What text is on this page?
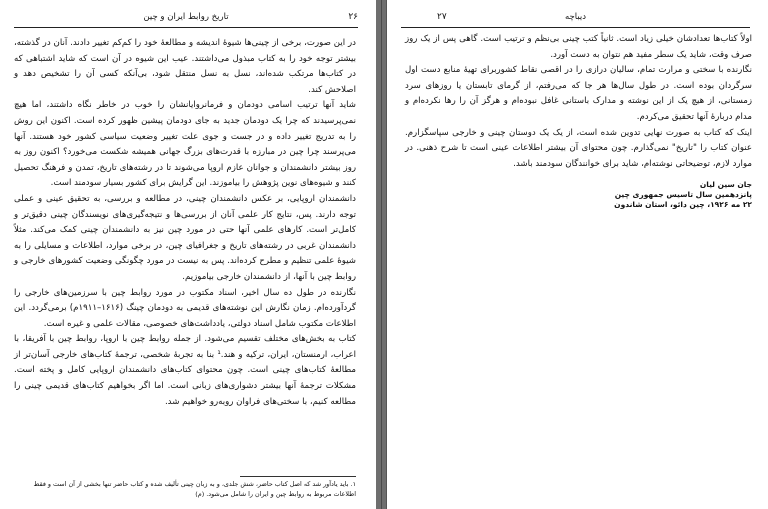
۲۶
تاریخ روابط ایران و چین

در این صورت، برخی از چینی‌ها شیوهٔ اندیشه و مطالعهٔ خود را کم‌کم تغییر دادند. آنان در گذشته، بیشتر توجه خود را به کتاب مبذول می‌داشتند. عیب این شیوه در آن است که شاید اشتباهی که در کتاب‌ها مرتکب شده‌اند، نسل به نسل منتقل شود، بی‌آنکه کسی آن را تشخیص دهد و اصلاحش کند.

شاید آنها ترتیب اسامی دودمان و فرمانروایانشان را خوب در خاطر نگاه داشتند، اما هیچ نمی‌پرسیدند که چرا یک دودمان جدید به جای دودمان پیشین ظهور کرده است. اکنون این روش را به تدریج تغییر داده و در جست و جوی علت تغییر وضعیت سیاسی کشور خود هستند. آنها می‌پرسند چرا چین در مبارزه با قدرت‌های بزرگ جهانی همیشه شکست می‌خورد؟ اکنون روز به روز بیشتر دانشمندان و جوانان عازم اروپا می‌شوند تا در رشته‌های تاریخ، تمدن و فرهنگ تحصیل کنند و شیوه‌های نوین پژوهش را بیاموزند. این گرایش برای کشور بسیار سودمند است.

دانشمندان اروپایی، بر عکس دانشمندان چینی، در مطالعه و بررسی، به تحقیق عینی و عملی توجه دارند. پس، نتایج کار علمی آنان از بررسی‌ها و نتیجه‌گیری‌های نویسندگان چینی دقیق‌تر و کامل‌تر است. کارهای علمی آنها حتی در مورد چین نیز به دانشمندان چینی کمک می‌کند. مثلاً دانشمندان غربی در رشته‌های تاریخ و جغرافیای چین، در برخی موارد، اطلاعات و مسایلی را به شیوهٔ علمی تنظیم و مطرح کرده‌اند. پس به نیست در مورد چگونگی وضعیت کشورهای خارجی و روابط چین با آنها، از دانشمندان خارجی بیاموزیم.

نگارنده در طول ده سال اخیر، اسناد مکتوب در مورد روابط چین با سرزمین‌های خارجی را گردآورده‌ام. زمان نگارش این نوشته‌های قدیمی به دودمان چینگ (۱۶۱۶–۱۹۱۱م) برمی‌گردد. این اطلاعات مکتوب شامل اسناد دولتی، یادداشت‌های خصوصی، مقالات علمی و غیره است.

کتاب به بخش‌های مختلف تقسیم می‌شود. از جمله روابط چین با اروپا، روابط چین با آفریقا، با اعراب، ارمنستان، ایران، ترکیه و هند.¹ بنا به تجربهٔ شخصی، ترجمهٔ کتاب‌های خارجی آسان‌تر از مطالعهٔ کتاب‌های چینی است. چون محتوای کتاب‌های دانشمندان اروپایی کامل و پخته است. مشکلات ترجمهٔ آنها بیشتر دشواری‌های زبانی است. اما اگر بخواهیم کتاب‌های قدیمی چینی را مطالعه کنیم، با سختی‌های فراوان روبه‌رو خواهیم شد.

۱. باید یادآور شد که اصل کتاب حاضر، شش جلدی، و به زبان چینی تألیف شده و کتاب حاضر تنها بخشی از آن است و فقط اطلاعات مربوط به روابط چین و ایران را شامل می‌شود. (م)
۲۷	دیباچه

اولاً کتاب‌ها تعدادشان خیلی زیاد است. ثانیاً کتب چینی بی‌نظم و ترتیب است. گاهی پس از یک روز صرف وقت، شاید یک سطر مفید هم نتوان به دست آورد.

نگارنده با سختی و مرارت تمام، سالیان درازی را در اقصی نقاط کشوربرای تهیهٔ منابع دست اول سرگردان بوده است. در طول سال‌ها هر جا که می‌رفتم، از گرمای تابستان یا روزهای سرد زمستانی، از هیچ یک از این نوشته و مدارک باستانی غافل نبوده‌ام و هرگز آن را رها نکرده‌ام و مدام دربارهٔ آنها تحقیق می‌کردم.

اینک که کتاب به صورت نهایی تدوین شده است، از یک یک دوستان چینی و خارجی سپاسگزارم. عنوان کتاب را "تاریخ" نمی‌گذارم. چون محتوای آن بیشتر اطلاعات عینی است تا شرح ذهنی. در موارد لازم، توضیحاتی نوشته‌ام، شاید برای خوانندگان سودمند باشد.

جان سین لیان
پانزدهمین سال تاسیس جمهوری چین
۲۲ مه ۱۹۲۶، چین دائو، استان شاندون
